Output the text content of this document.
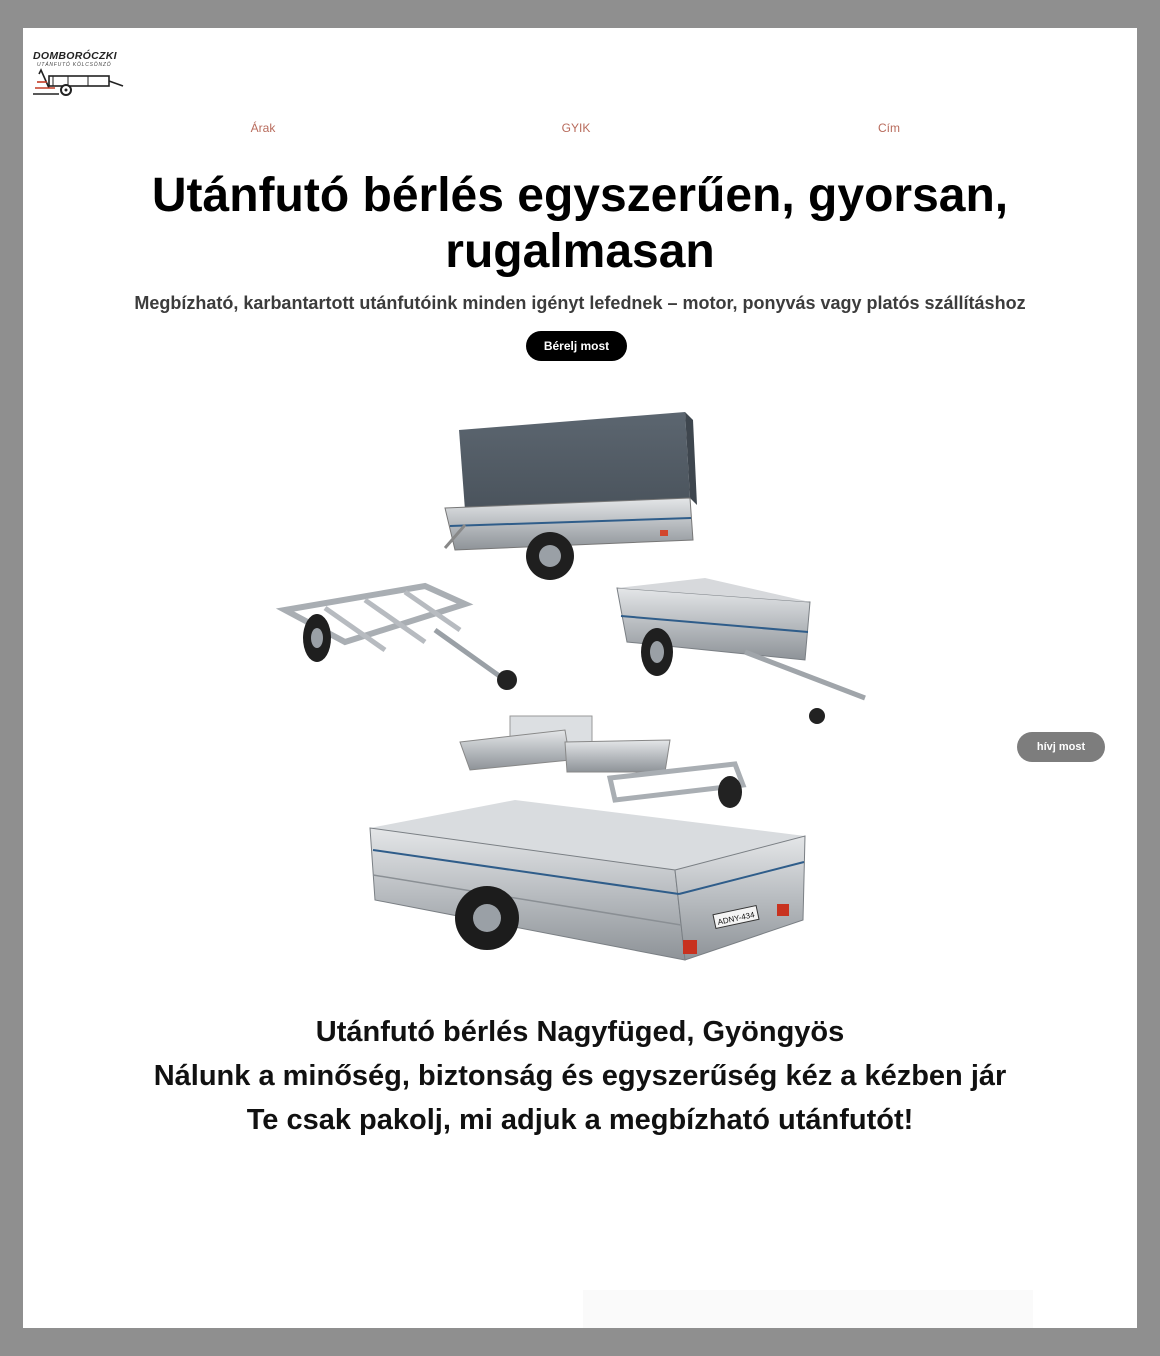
DOMBORÓCZKI
UTÁNFUTÓ KÖLCSÖNZŐ
Árak	GYIK	Cím
Utánfutó bérlés egyszerűen, gyorsan, rugalmasan

Megbízható, karbantartott utánfutóink minden igényt lefednek – motor, ponyvás vagy platós szállításhoz

Bérelj most
ADNY-434
hívj most
Utánfutó bérlés Nagyfüged, Gyöngyös
Nálunk a minőség, biztonság és egyszerűség kéz a kézben jár
Te csak pakolj, mi adjuk a megbízható utánfutót!
